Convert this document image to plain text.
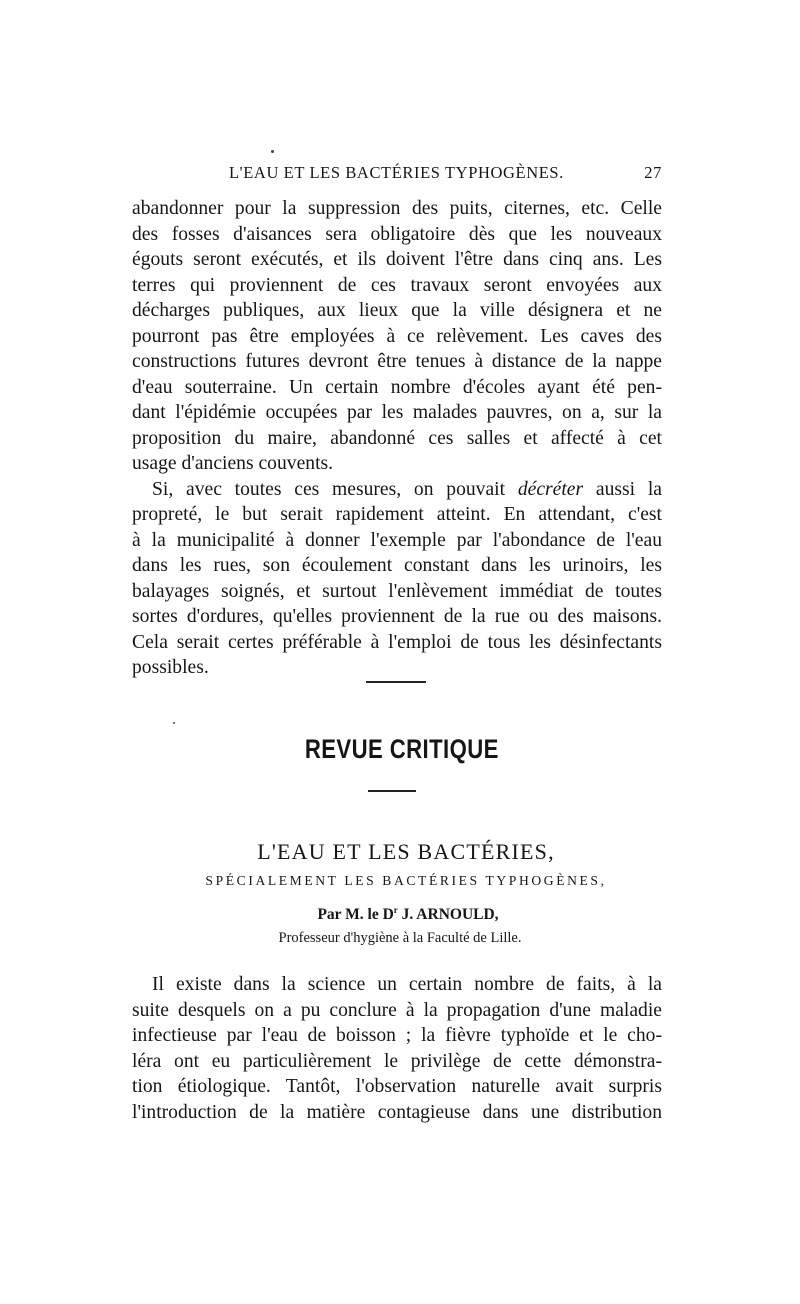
L'EAU ET LES BACTÉRIES TYPHOGÈNES.	27
abandonner pour la suppression des puits, citernes, etc. Celle
des fosses d'aisances sera obligatoire dès que les nouveaux
égouts seront exécutés, et ils doivent l'être dans cinq ans. Les
terres qui proviennent de ces travaux seront envoyées aux
décharges publiques, aux lieux que la ville désignera et ne
pourront pas être employées à ce relèvement. Les caves des
constructions futures devront être tenues à distance de la nappe
d'eau souterraine. Un certain nombre d'écoles ayant été pen-
dant l'épidémie occupées par les malades pauvres, on a, sur la
proposition du maire, abandonné ces salles et affecté à cet
usage d'anciens couvents.
Si, avec toutes ces mesures, on pouvait décréter aussi la
propreté, le but serait rapidement atteint. En attendant, c'est
à la municipalité à donner l'exemple par l'abondance de l'eau
dans les rues, son écoulement constant dans les urinoirs, les
balayages soignés, et surtout l'enlèvement immédiat de toutes
sortes d'ordures, qu'elles proviennent de la rue ou des maisons.
Cela serait certes préférable à l'emploi de tous les désinfectants
possibles.
REVUE CRITIQUE
L'EAU ET LES BACTÉRIES,
SPÉCIALEMENT LES BACTÉRIES TYPHOGÈNES,
Par M. le $D^r$ J. ARNOULD,
Professeur d'hygiène à la Faculté de Lille.
Il existe dans la science un certain nombre de faits, à la
suite desquels on a pu conclure à la propagation d'une maladie
infectieuse par l'eau de boisson ; la fièvre typhoïde et le cho-
léra ont eu particulièrement le privilège de cette démonstra-
tion étiologique. Tantôt, l'observation naturelle avait surpris
l'introduction de la matière contagieuse dans une distribution
